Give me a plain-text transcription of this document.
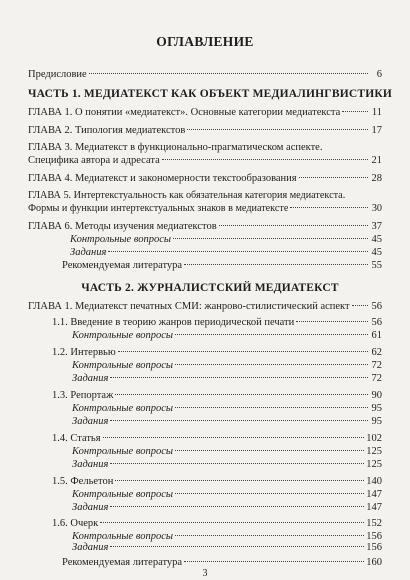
ОГЛАВЛЕНИЕ
Предисловие	6
ЧАСТЬ 1. МЕДИАТЕКСТ КАК ОБЪЕКТ МЕДИАЛИНГВИСТИКИ
ГЛАВА 1. О понятии «медиатекст». Основные категории медиатекста	11
ГЛАВА 2. Типология медиатекстов	17
ГЛАВА 3. Медиатекст в функционально-прагматическом аспекте.
Специфика автора и адресата	21
ГЛАВА 4. Медиатекст и закономерности текстообразования	28
ГЛАВА 5. Интертекстуальность как обязательная категория медиатекста.
Формы и функции интертекстуальных знаков в медиатексте	30
ГЛАВА 6. Методы изучения медиатекстов	37
Контрольные вопросы	45
Задания	45
Рекомендуемая литература	55
ЧАСТЬ 2. ЖУРНАЛИСТСКИЙ МЕДИАТЕКСТ
ГЛАВА 1. Медиатекст печатных СМИ: жанрово-стилистический аспект 56
1.1. Введение в теорию жанров периодической печати	56
Контрольные вопросы	61
1.2. Интервью	62
Контрольные вопросы	72
Задания	72
1.3. Репортаж	90
Контрольные вопросы	95
Задания	95
1.4. Статья	102
Контрольные вопросы	125
Задания	125
1.5. Фельетон	140
Контрольные вопросы	147
Задания	147
1.6. Очерк	152
Контрольные вопросы	156
3
Задания	156
Рекомендуемая литература	160
